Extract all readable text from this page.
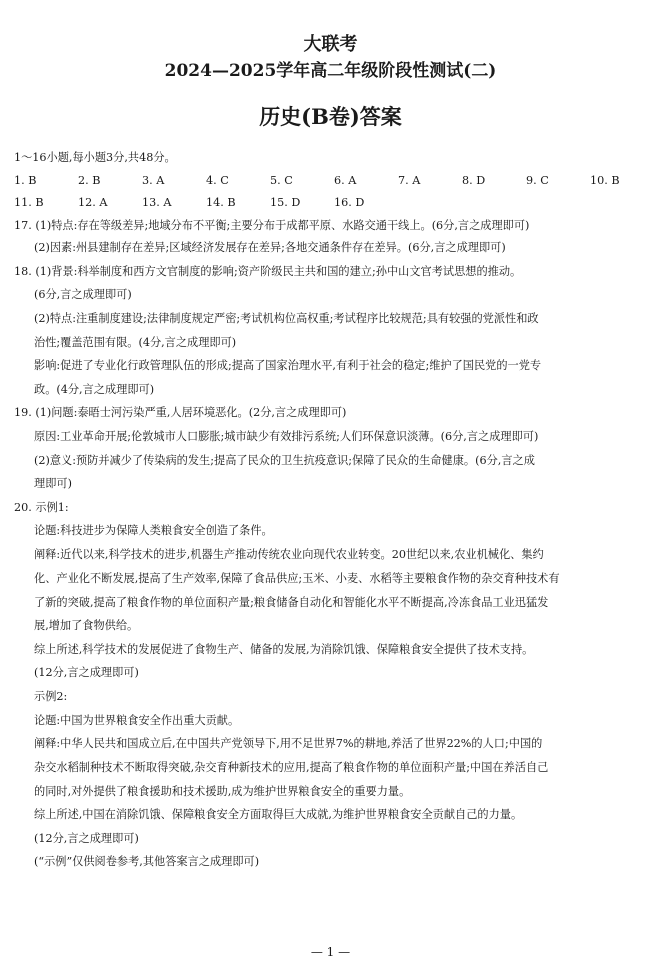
大联考
2024—2025学年高二年级阶段性测试(二)
历史(B卷)答案
1～16小题,每小题3分,共48分。
1. B	2. B	3. A	4. C	5. C	6. A	7. A	8. D	9. C	10. B
11. B	12. A	13. A	14. B	15. D	16. D
17. (1)特点:存在等级差异;地域分布不平衡;主要分布于成都平原、水路交通干线上。(6分,言之成理即可)
(2)因素:州县建制存在差异;区域经济发展存在差异;各地交通条件存在差异。(6分,言之成理即可)
18. (1)背景:科举制度和西方文官制度的影响;资产阶级民主共和国的建立;孙中山文官考试思想的推动。
(6分,言之成理即可)
(2)特点:注重制度建设;法律制度规定严密;考试机构位高权重;考试程序比较规范;具有较强的党派性和政
治性;覆盖范围有限。(4分,言之成理即可)
影响:促进了专业化行政管理队伍的形成;提高了国家治理水平,有利于社会的稳定;维护了国民党的一党专
政。(4分,言之成理即可)
19. (1)问题:泰晤士河污染严重,人居环境恶化。(2分,言之成理即可)
原因:工业革命开展;伦敦城市人口膨胀;城市缺少有效排污系统;人们环保意识淡薄。(6分,言之成理即可)
(2)意义:预防并减少了传染病的发生;提高了民众的卫生抗疫意识;保障了民众的生命健康。(6分,言之成
理即可)
20. 示例1:
论题:科技进步为保障人类粮食安全创造了条件。
阐释:近代以来,科学技术的进步,机器生产推动传统农业向现代农业转变。20世纪以来,农业机械化、集约
化、产业化不断发展,提高了生产效率,保障了食品供应;玉米、小麦、水稻等主要粮食作物的杂交育种技术有
了新的突破,提高了粮食作物的单位面积产量;粮食储备自动化和智能化水平不断提高,冷冻食品工业迅猛发
展,增加了食物供给。
综上所述,科学技术的发展促进了食物生产、储备的发展,为消除饥饿、保障粮食安全提供了技术支持。
(12分,言之成理即可)
示例2:
论题:中国为世界粮食安全作出重大贡献。
阐释:中华人民共和国成立后,在中国共产党领导下,用不足世界7%的耕地,养活了世界22%的人口;中国的
杂交水稻制种技术不断取得突破,杂交育种新技术的应用,提高了粮食作物的单位面积产量;中国在养活自己
的同时,对外提供了粮食援助和技术援助,成为维护世界粮食安全的重要力量。
综上所述,中国在消除饥饿、保障粮食安全方面取得巨大成就,为维护世界粮食安全贡献自己的力量。
(12分,言之成理即可)
(“示例”仅供阅卷参考,其他答案言之成理即可)
— 1 —
